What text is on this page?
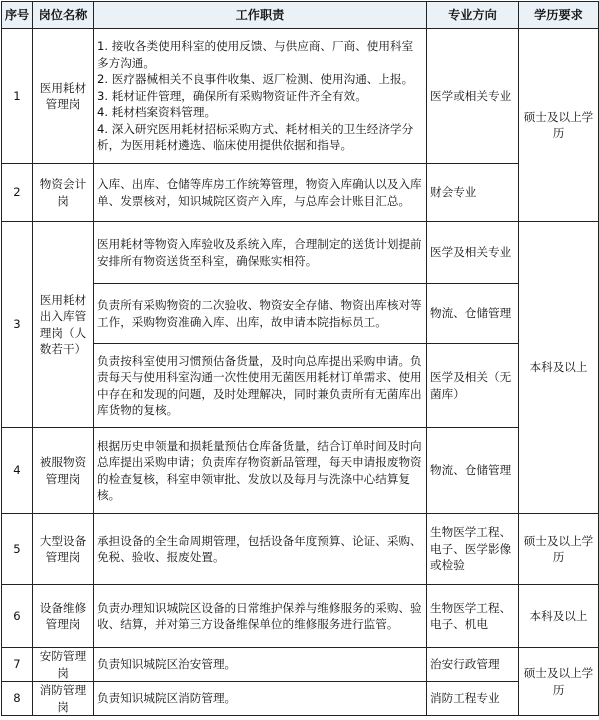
序号	岗位名称	工作职责	专业方向	学历要求
1	医用耗材管理岗	1. 接收各类使用科室的使用反馈、与供应商、厂商、使用科室多方沟通。

2. 医疗器械相关不良事件收集、返厂检测、使用沟通、上报。

3. 耗材证件管理，确保所有采购物资证件齐全有效。

4. 耗材档案资料管理。

4. 深入研究医用耗材招标采购方式、耗材相关的卫生经济学分析，为医用耗材遴选、临床使用提供依据和指导。	医学或相关专业	硕士及以上学历
2	物资会计岗	入库、出库、仓储等库房工作统筹管理，物资入库确认以及入库单、发票核对，知识城院区资产入库，与总库会计账目汇总。	财会专业	
3	医用耗材出入库管理岗（人数若干）	医用耗材等物资入库验收及系统入库，合理制定的送货计划提前安排所有物资送货至科室，确保账实相符。	医学及相关专业	本科及以上
		负责所有采购物资的二次验收、物资安全存储、物资出库核对等工作，采购物资准确入库、出库，故申请本院指标员工。	物流、仓储管理	
		负责按科室使用习惯预估备货量，及时向总库提出采购申请。负责每天与使用科室沟通一次性使用无菌医用耗材订单需求、使用中存在和发现的问题，及时处理解决，同时兼负责所有无菌库出库货物的复核。	医学及相关（无菌库）	
4	被服物资管理岗	根据历史申领量和损耗量预估仓库备货量，结合订单时间及时向总库提出采购申请；负责库存物资新品管理，每天申请报废物资的检查复核，科室申领审批、发放以及每月与洗涤中心结算复核。	物流、仓储管理	
5	大型设备管理岗	承担设备的全生命周期管理，包括设备年度预算、论证、采购、免税、验收、报废处置。	生物医学工程、电子、医学影像或检验	硕士及以上学历
6	设备维修管理岗	负责办理知识城院区设备的日常维护保养与维修服务的采购、验收、结算，并对第三方设备维保单位的维修服务进行监管。	生物医学工程、电子、机电	本科及以上
7	安防管理岗	负责知识城院区治安管理。	治安行政管理	硕士及以上学历
8	消防管理岗	负责知识城院区消防管理。	消防工程专业	
